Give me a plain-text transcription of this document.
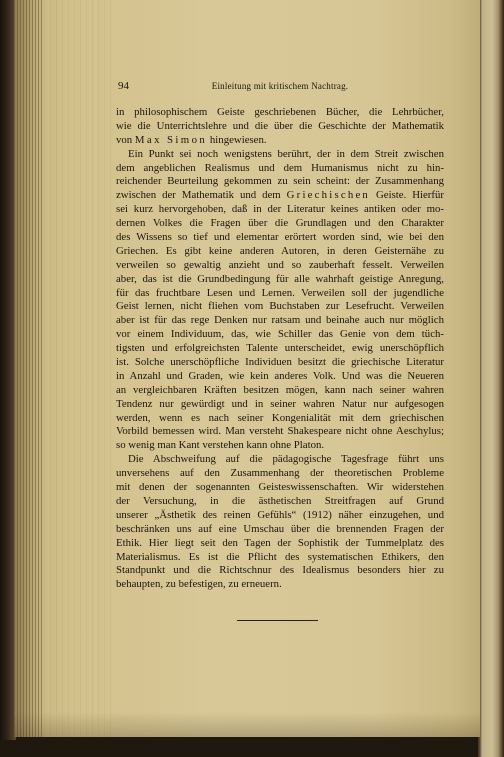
94	Einleitung mit kritischem Nachtrag.
in philosophischem Geiste geschriebenen Bücher, die Lehrbücher,
wie die Unterrichtslehre und die über die Geschichte der Mathematik
von Max Simon hingewiesen.
Ein Punkt sei noch wenigstens berührt, der in dem Streit zwischen
dem angeblichen Realismus und dem Humanismus nicht zu hin-
reichender Beurteilung gekommen zu sein scheint: der Zusammenhang
zwischen der Mathematik und dem Griechischen Geiste. Hierfür
sei kurz hervorgehoben, daß in der Literatur keines antiken oder mo-
dernen Volkes die Fragen über die Grundlagen und den Charakter
des Wissens so tief und elementar erörtert worden sind, wie bei den
Griechen. Es gibt keine anderen Autoren, in deren Geisternähe zu
verweilen so gewaltig anzieht und so zauberhaft fesselt. Verweilen
aber, das ist die Grundbedingung für alle wahrhaft geistige Anregung,
für das fruchtbare Lesen und Lernen. Verweilen soll der jugendliche
Geist lernen, nicht fliehen vom Buchstaben zur Lesefrucht. Verweilen
aber ist für das rege Denken nur ratsam und beinahe auch nur möglich
vor einem Individuum, das, wie Schiller das Genie von dem tüch-
tigsten und erfolgreichsten Talente unterscheidet, ewig unerschöpflich
ist. Solche unerschöpfliche Individuen besitzt die griechische Literatur
in Anzahl und Graden, wie kein anderes Volk. Und was die Neueren
an vergleichbaren Kräften besitzen mögen, kann nach seiner wahren
Tendenz nur gewürdigt und in seiner wahren Natur nur aufgesogen
werden, wenn es nach seiner Kongenialität mit dem griechischen
Vorbild bemessen wird. Man versteht Shakespeare nicht ohne Aeschylus;
so wenig man Kant verstehen kann ohne Platon.
Die Abschweifung auf die pädagogische Tagesfrage führt uns
unversehens auf den Zusammenhang der theoretischen Probleme
mit denen der sogenannten Geisteswissenschaften. Wir widerstehen
der Versuchung, in die ästhetischen Streitfragen auf Grund
unserer „Ästhetik des reinen Gefühls“ (1912) näher einzugehen, und
beschränken uns auf eine Umschau über die brennenden Fragen der
Ethik. Hier liegt seit den Tagen der Sophistik der Tummelplatz des
Materialismus. Es ist die Pflicht des systematischen Ethikers, den
Standpunkt und die Richtschnur des Idealismus besonders hier zu
behaupten, zu befestigen, zu erneuern.
